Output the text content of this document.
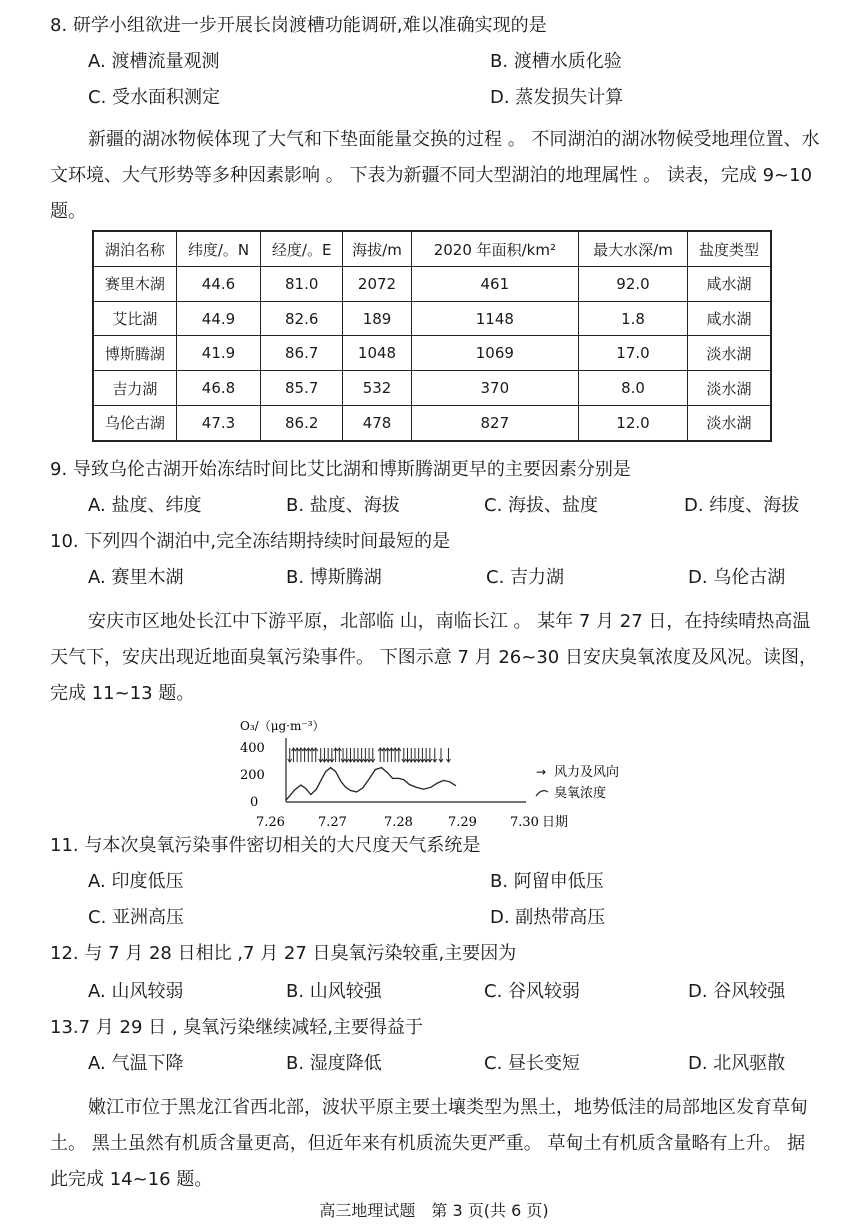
8. 研学小组欲进一步开展长岗渡槽功能调研,难以准确实现的是
A. 渡槽流量观测	B. 渡槽水质化验
C. 受水面积测定	D. 蒸发损失计算
新疆的湖冰物候体现了大气和下垫面能量交换的过程 。 不同湖泊的湖冰物候受地理位置、水文环境、大气形势等多种因素影响 。 下表为新疆不同大型湖泊的地理属性 。 读表，完成 9~10 题。
湖泊名称	纬度/。N	经度/。E	海拔/m	2020 年面积/km²	最大水深/m	盐度类型
赛里木湖	44.6	81.0	2072	461	92.0	咸水湖
艾比湖	44.9	82.6	189	1148	1.8	咸水湖
博斯腾湖	41.9	86.7	1048	1069	17.0	淡水湖
吉力湖	46.8	85.7	532	370	8.0	淡水湖
乌伦古湖	47.3	86.2	478	827	12.0	淡水湖
9. 导致乌伦古湖开始冻结时间比艾比湖和博斯腾湖更早的主要因素分别是
A. 盐度、纬度	B. 盐度、海拔	C. 海拔、盐度	D. 纬度、海拔
10. 下列四个湖泊中,完全冻结期持续时间最短的是
A. 赛里木湖	B. 博斯腾湖	C. 吉力湖	D. 乌伦古湖
安庆市区地处长江中下游平原，北部临 山，南临长江 。 某年 7 月 27 日，在持续晴热高温天气下，安庆出现近地面臭氧污染事件。 下图示意 7 月 26~30 日安庆臭氧浓度及风况。读图，完成 11~13 题。
O₃/（μg·m⁻³）
400
200
0
7.26	7.27	7.28	7.29	7.30 日期
→ 风力及风向
臭氧浓度
11. 与本次臭氧污染事件密切相关的大尺度天气系统是
A. 印度低压	B. 阿留申低压
C. 亚洲高压	D. 副热带高压
12. 与 7 月 28 日相比 ,7 月 27 日臭氧污染较重,主要因为
A. 山风较弱	B. 山风较强	C. 谷风较弱	D. 谷风较强
13.7 月 29 日 , 臭氧污染继续减轻,主要得益于
A. 气温下降	B. 湿度降低	C. 昼长变短	D. 北风驱散
嫩江市位于黑龙江省西北部，波状平原主要土壤类型为黑土，地势低洼的局部地区发育草甸土。 黑土虽然有机质含量更高，但近年来有机质流失更严重。 草甸土有机质含量略有上升。 据此完成 14~16 题。
高三地理试题　第 3 页(共 6 页)
